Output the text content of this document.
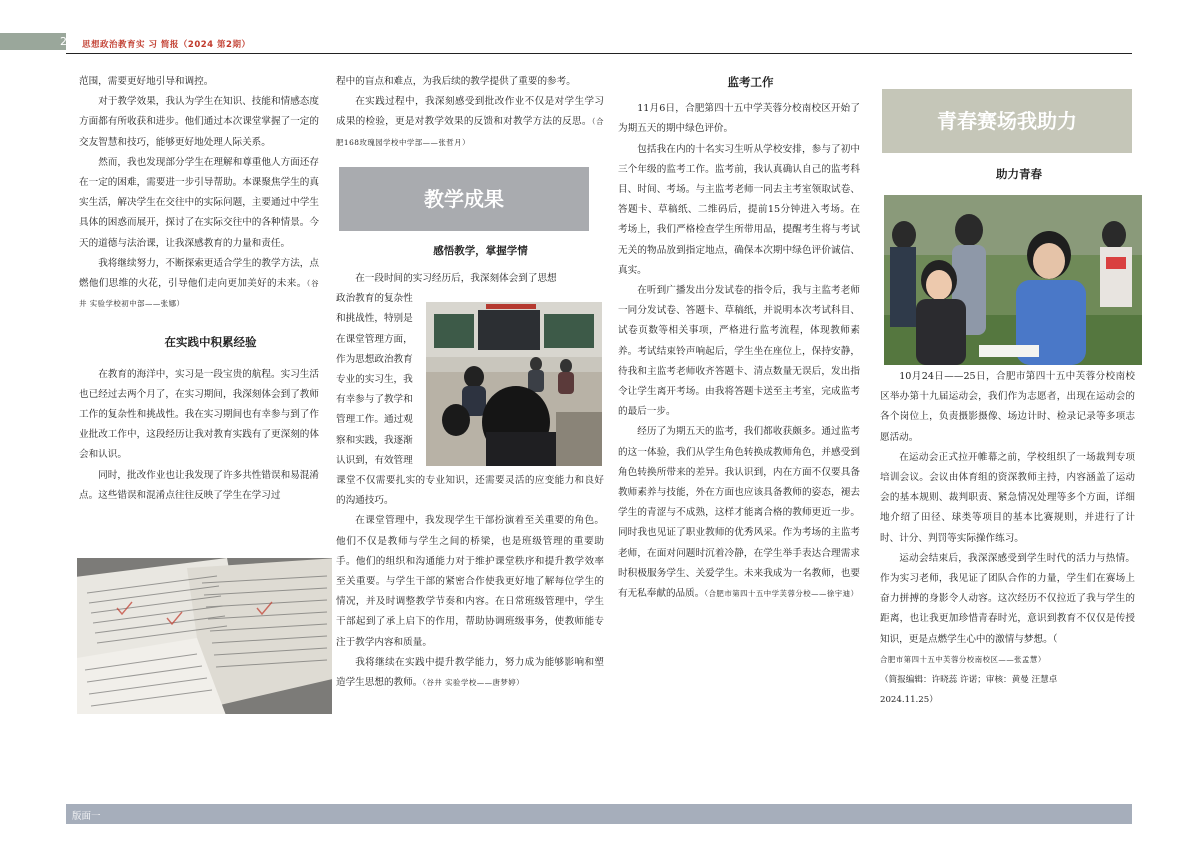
2 思想政治教育实 习 简报（2024 第2期）

范围，需要更好地引导和调控。

对于教学效果，我认为学生在知识、技能和情感态度方面都有所收获和进步。他们通过本次课堂掌握了一定的交友智慧和技巧，能够更好地处理人际关系。

然而，我也发现部分学生在理解和尊重他人方面还存在一定的困难，需要进一步引导帮助。本课聚焦学生的真实生活，解决学生在交往中的实际问题，主要通过中学生具体的困惑而展开，探讨了在实际交往中的各种情景。今天的道德与法治课，让我深感教育的力量和责任。

我将继续努力，不断探索更适合学生的教学方法，点燃他们思维的火花，引导他们走向更加美好的未来。（谷井 实验学校初中部——张娜）

在实践中积累经验

在教育的海洋中，实习是一段宝贵的航程。实习生活也已经过去两个月了，在实习期间，我深刻体会到了教师工作的复杂性和挑战性。我在实习期间也有幸参与到了作业批改工作中，这段经历让我对教育实践有了更深刻的体会和认识。

同时，批改作业也让我发现了许多共性错误和易混淆点。这些错误和混淆点往往反映了学生在学习过

程中的盲点和难点，为我后续的教学提供了重要的参考。

在实践过程中，我深刻感受到批改作业不仅是对学生学习成果的检验，更是对教学效果的反馈和对教学方法的反思。（合肥168玫瑰园学校中学部——张哲月）

教学成果

感悟教学，掌握学情

在一段时间的实习经历后，我深刻体会到了思想

政治教育的复杂性
和挑战性，特别是
在课堂管理方面，
作为思想政治教育
专业的实习生，我
有幸参与了教学和
管理工作。通过观
察和实践，我逐渐
认识到，有效管理

课堂不仅需要扎实的专业知识，还需要灵活的应变能力和良好的沟通技巧。

在课堂管理中，我发现学生干部扮演着至关重要的角色。他们不仅是教师与学生之间的桥梁，也是班级管理的重要助手。他们的组织和沟通能力对于维护课堂秩序和提升教学效率至关重要。与学生干部的紧密合作使我更好地了解每位学生的情况，并及时调整教学节奏和内容。在日常班级管理中，学生干部起到了承上启下的作用，帮助协调班级事务，使教师能专注于教学内容和质量。

我将继续在实践中提升教学能力，努力成为能够影响和塑造学生思想的教师。（谷井 实验学校——唐梦婷）

监考工作

11月6日，合肥第四十五中学芙蓉分校南校区开始了为期五天的期中绿色评价。

包括我在内的十名实习生听从学校安排，参与了初中三个年级的监考工作。监考前，我认真确认自己的监考科目、时间、考场。与主监考老师一同去主考室领取试卷、答题卡、草稿纸、二维码后，提前15分钟进入考场。在考场上，我们严格检查学生所带用品，提醒考生将与考试无关的物品放到指定地点，确保本次期中绿色评价诚信、真实。

在听到广播发出分发试卷的指令后，我与主监考老师一同分发试卷、答题卡、草稿纸，并说明本次考试科目、试卷页数等相关事项，严格进行监考流程，体现教师素养。考试结束铃声响起后，学生坐在座位上，保持安静，待我和主监考老师收齐答题卡、清点数量无误后，发出指令让学生离开考场。由我将答题卡送至主考室，完成监考的最后一步。

经历了为期五天的监考，我们都收获颇多。通过监考的这一体验，我们从学生角色转换成教师角色，并感受到角色转换所带来的差异。我认识到，内在方面不仅要具备教师素养与技能，外在方面也应该具备教师的姿态，褪去学生的青涩与不成熟，这样才能离合格的教师更近一步。同时我也见证了职业教师的优秀风采。作为考场的主监考老师，在面对问题时沉着冷静，在学生举手表达合理需求时积极服务学生、关爱学生。未来我成为一名教师，也要有无私奉献的品质。（合肥市第四十五中学芙蓉分校——徐宇迪）

青春赛场我助力

助力青春

10月24日——25日，合肥市第四十五中芙蓉分校南校区举办第十九届运动会，我们作为志愿者，出现在运动会的各个岗位上，负责摄影摄像、场边计时、检录记录等多项志愿活动。

在运动会正式拉开帷幕之前，学校组织了一场裁判专项培训会议。会议由体育组的资深教师主持，内容涵盖了运动会的基本规则、裁判职责、紧急情况处理等多个方面，详细地介绍了田径、球类等项目的基本比赛规则，并进行了计时、计分、判罚等实际操作练习。

运动会结束后，我深深感受到学生时代的活力与热情。作为实习老师，我见证了团队合作的力量，学生们在赛场上奋力拼搏的身影令人动容。这次经历不仅拉近了我与学生的距离，也让我更加珍惜青春时光，意识到教育不仅仅是传授知识，更是点燃学生心中的激情与梦想。（

合肥市第四十五中芙蓉分校南校区——张孟慧）

（简报编辑：许晓蕊 许诺；审核：黄曼 汪慧卓

2024.11.25）

版面一
